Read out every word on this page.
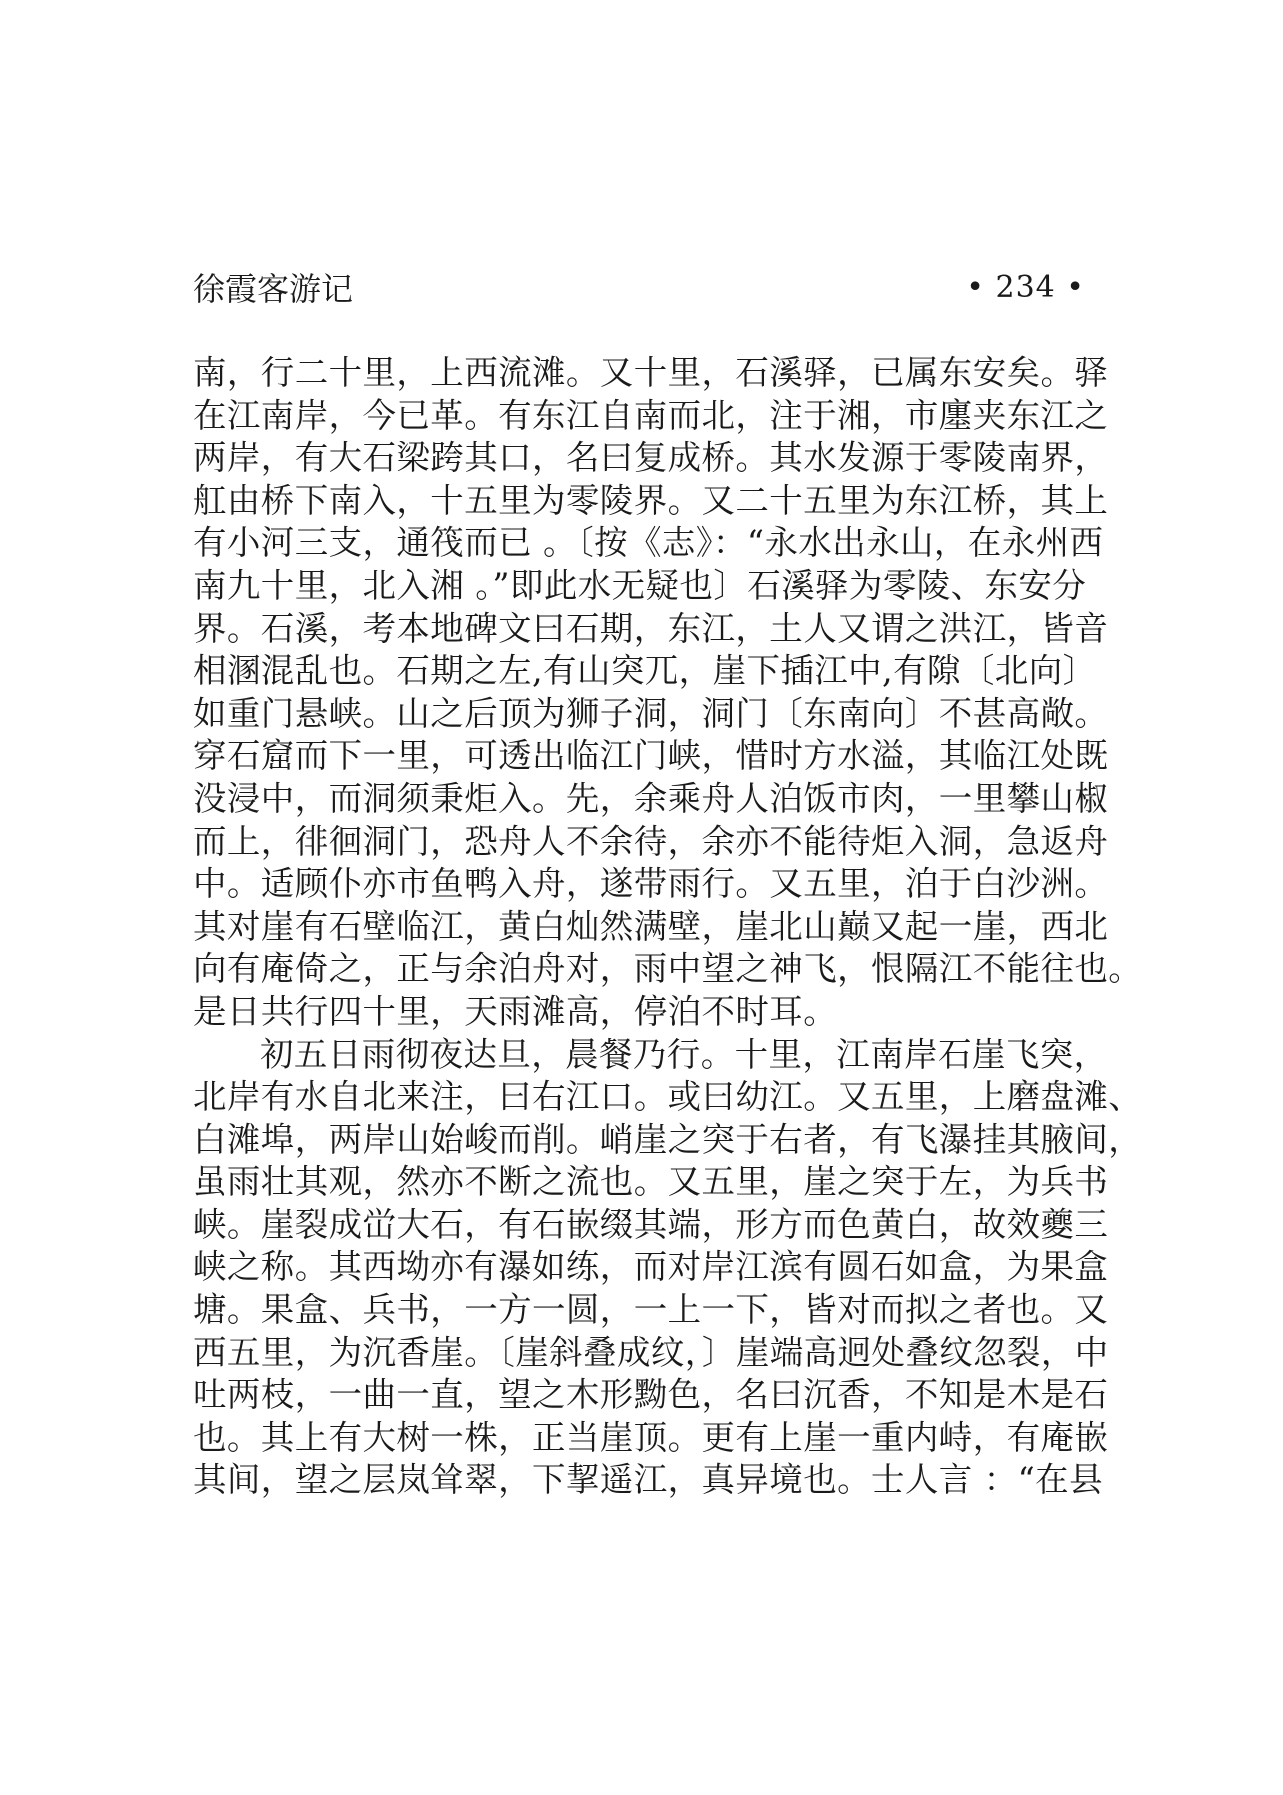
徐霞客游记	• 234 •
南，行二十里，上西流滩。又十里，石溪驿，已属东安矣。驿
在江南岸，今已革。有东江自南而北，注于湘，市廛夹东江之
两岸，有大石梁跨其口，名曰复成桥。其水发源于零陵南界，
舡由桥下南入，十五里为零陵界。又二十五里为东江桥，其上
有小河三支，通筏而已 。〔按《志》：“永水出永山，在永州西
南九十里，北入湘 。”即此水无疑也〕石溪驿为零陵、东安分
界。石溪，考本地碑文曰石期，东江，土人又谓之洪江，皆音
相溷混乱也。石期之左,有山突兀，崖下插江中,有隙〔北向〕
如重门悬峡。山之后顶为狮子洞，洞门〔东南向〕不甚高敞。
穿石窟而下一里，可透出临江门峡，惜时方水溢，其临江处既
没浸中，而洞须秉炬入。先，余乘舟人泊饭市肉，一里攀山椒
而上，徘徊洞门，恐舟人不余待，余亦不能待炬入洞，急返舟
中。适顾仆亦市鱼鸭入舟，遂带雨行。又五里，泊于白沙洲。
其对崖有石壁临江，黄白灿然满壁，崖北山巅又起一崖，西北
向有庵倚之，正与余泊舟对，雨中望之神飞，恨隔江不能往也。
是日共行四十里，天雨滩高，停泊不时耳。
初五日雨彻夜达旦，晨餐乃行。十里，江南岸石崖飞突，
北岸有水自北来注，曰右江口。或曰幼江。又五里，上磨盘滩、
白滩埠，两岸山始峻而削。峭崖之突于右者，有飞瀑挂其腋间，
虽雨壮其观，然亦不断之流也。又五里，崖之突于左，为兵书
峡。崖裂成峃大石，有石嵌缀其端，形方而色黄白，故效夔三
峡之称。其西坳亦有瀑如练，而对岸江滨有圆石如盒，为果盒
塘。果盒、兵书，一方一圆，一上一下，皆对而拟之者也。又
西五里，为沉香崖。〔崖斜叠成纹，〕崖端高迥处叠纹忽裂，中
吐两枝，一曲一直，望之木形黝色，名曰沉香，不知是木是石
也。其上有大树一株，正当崖顶。更有上崖一重内峙，有庵嵌
其间，望之层岚耸翠，下挈遥江，真异境也。士人言 ：“在县
